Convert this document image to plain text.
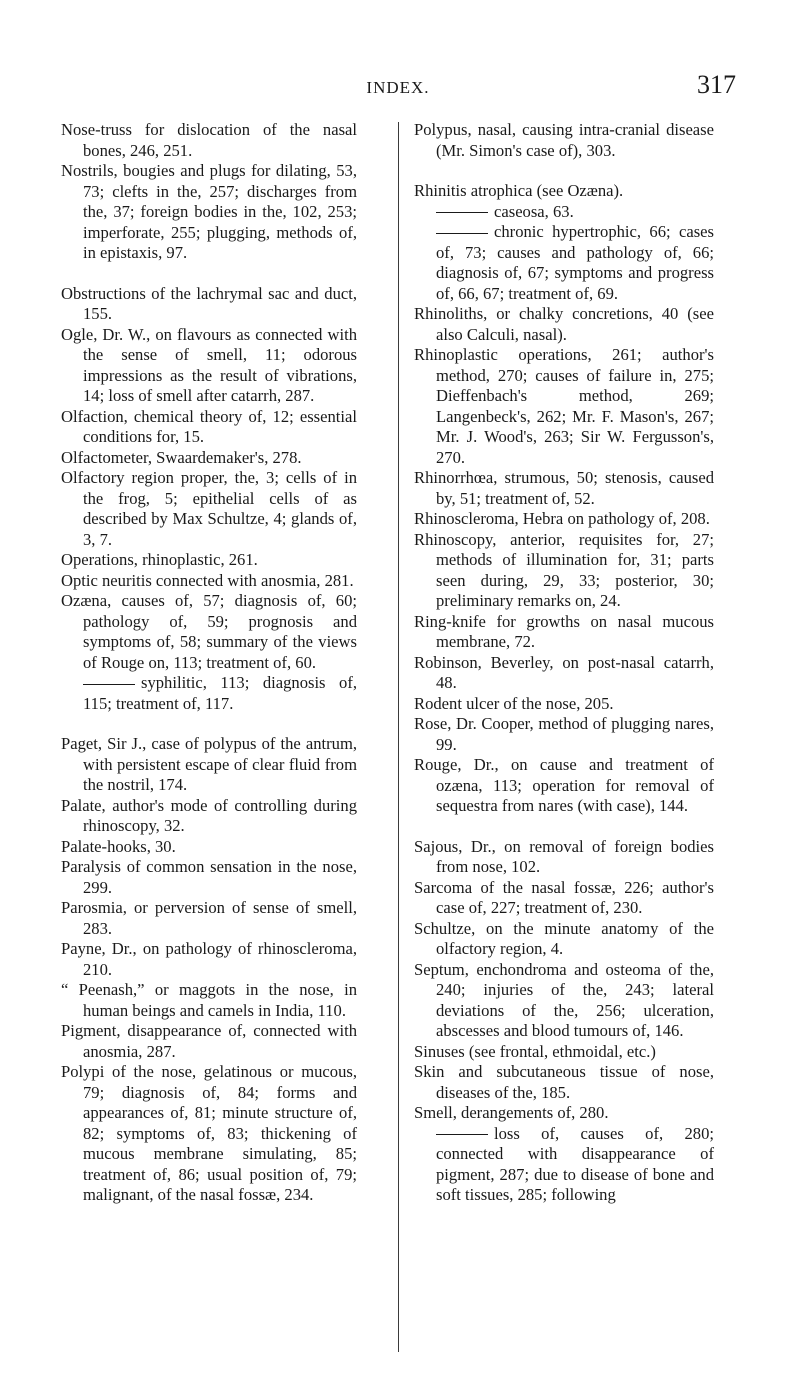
INDEX.	317

Nose-truss for dislocation of the nasal bones, 246, 251.

Nostrils, bougies and plugs for dilating, 53, 73; clefts in the, 257; discharges from the, 37; foreign bodies in the, 102, 253; imperforate, 255; plugging, methods of, in epistaxis, 97.

Obstructions of the lachrymal sac and duct, 155.

Ogle, Dr. W., on flavours as connected with the sense of smell, 11; odorous impressions as the result of vibrations, 14; loss of smell after catarrh, 287.

Olfaction, chemical theory of, 12; essential conditions for, 15.

Olfactometer, Swaardemaker's, 278.

Olfactory region proper, the, 3; cells of in the frog, 5; epithelial cells of as described by Max Schultze, 4; glands of, 3, 7.

Operations, rhinoplastic, 261.

Optic neuritis connected with anosmia, 281.

Ozæna, causes of, 57; diagnosis of, 60; pathology of, 59; prognosis and symptoms of, 58; summary of the views of Rouge on, 113; treatment of, 60.

syphilitic, 113; diagnosis of, 115; treatment of, 117.

Paget, Sir J., case of polypus of the antrum, with persistent escape of clear fluid from the nostril, 174.

Palate, author's mode of controlling during rhinoscopy, 32.

Palate-hooks, 30.

Paralysis of common sensation in the nose, 299.

Parosmia, or perversion of sense of smell, 283.

Payne, Dr., on pathology of rhinoscleroma, 210.

“ Peenash,” or maggots in the nose, in human beings and camels in India, 110.

Pigment, disappearance of, connected with anosmia, 287.

Polypi of the nose, gelatinous or mucous, 79; diagnosis of, 84; forms and appearances of, 81; minute structure of, 82; symptoms of, 83; thickening of mucous membrane simulating, 85; treatment of, 86; usual position of, 79; malignant, of the nasal fossæ, 234.

Polypus, nasal, causing intra-cranial disease (Mr. Simon's case of), 303.

Rhinitis atrophica (see Ozæna).

caseosa, 63.

chronic hypertrophic, 66; cases of, 73; causes and pathology of, 66; diagnosis of, 67; symptoms and progress of, 66, 67; treatment of, 69.

Rhinoliths, or chalky concretions, 40 (see also Calculi, nasal).

Rhinoplastic operations, 261; author's method, 270; causes of failure in, 275; Dieffenbach's method, 269; Langenbeck's, 262; Mr. F. Mason's, 267; Mr. J. Wood's, 263; Sir W. Fergusson's, 270.

Rhinorrhœa, strumous, 50; stenosis, caused by, 51; treatment of, 52.

Rhinoscleroma, Hebra on pathology of, 208.

Rhinoscopy, anterior, requisites for, 27; methods of illumination for, 31; parts seen during, 29, 33; posterior, 30; preliminary remarks on, 24.

Ring-knife for growths on nasal mucous membrane, 72.

Robinson, Beverley, on post-nasal catarrh, 48.

Rodent ulcer of the nose, 205.

Rose, Dr. Cooper, method of plugging nares, 99.

Rouge, Dr., on cause and treatment of ozæna, 113; operation for removal of sequestra from nares (with case), 144.

Sajous, Dr., on removal of foreign bodies from nose, 102.

Sarcoma of the nasal fossæ, 226; author's case of, 227; treatment of, 230.

Schultze, on the minute anatomy of the olfactory region, 4.

Septum, enchondroma and osteoma of the, 240; injuries of the, 243; lateral deviations of the, 256; ulceration, abscesses and blood tumours of, 146.

Sinuses (see frontal, ethmoidal, etc.)

Skin and subcutaneous tissue of nose, diseases of the, 185.

Smell, derangements of, 280.

loss of, causes of, 280; connected with disappearance of pigment, 287; due to disease of bone and soft tissues, 285; following
